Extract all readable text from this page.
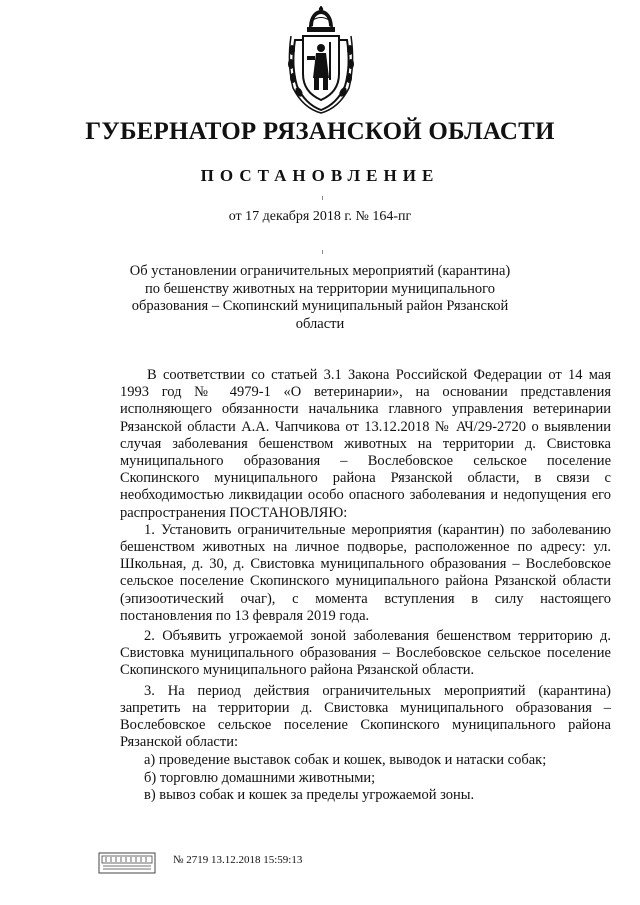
ГУБЕРНАТОР РЯЗАНСКОЙ ОБЛАСТИ
ПОСТАНОВЛЕНИЕ
от 17 декабря 2018 г. № 164-пг
Об установлении ограничительных мероприятий (карантина)
по бешенству животных на территории муниципального
образования – Скопинский муниципальный район Рязанской области

В соответствии со статьей 3.1 Закона Российской Федерации от 14 мая 1993 год № 4979-1 «О ветеринарии», на основании представления исполняющего обязанности начальника главного управления ветеринарии Рязанской области А.А. Чапчикова от 13.12.2018 № АЧ/29-2720 о выявлении случая заболевания бешенством животных на территории д. Свистовка муниципального образования – Вослебовское сельское поселение Скопинского муниципального района Рязанской области, в связи с необходимостью ликвидации особо опасного заболевания и недопущения его распространения ПОСТАНОВЛЯЮ:

1. Установить ограничительные мероприятия (карантин) по заболеванию бешенством животных на личное подворье, расположенное по адресу: ул. Школьная, д. 30, д. Свистовка муниципального образования – Вослебовское сельское поселение Скопинского муниципального района Рязанской области (эпизоотический очаг), с момента вступления в силу настоящего постановления по 13 февраля 2019 года.

2. Объявить угрожаемой зоной заболевания бешенством территорию д. Свистовка муниципального образования – Вослебовское сельское поселение Скопинского муниципального района Рязанской области.

3. На период действия ограничительных мероприятий (карантина) запретить на территории д. Свистовка муниципального образования – Вослебовское сельское поселение Скопинского муниципального района Рязанской области:

а) проведение выставок собак и кошек, выводок и натаски собак;
б) торговлю домашними животными;
в) вывоз собак и кошек за пределы угрожаемой зоны.
№ 2719 13.12.2018 15:59:13
